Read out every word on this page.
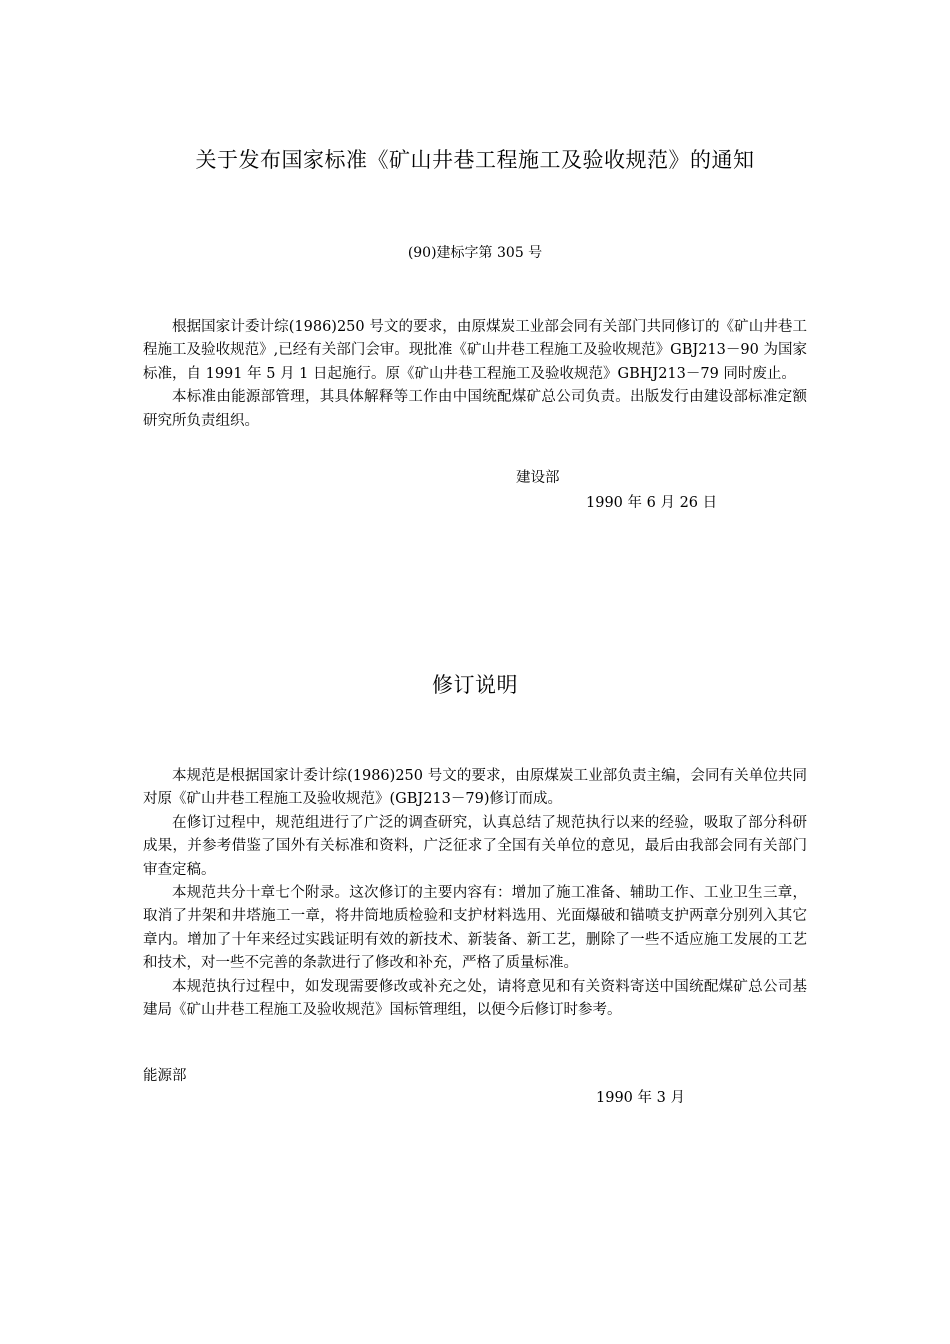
关于发布国家标准《矿山井巷工程施工及验收规范》的通知
(90)建标字第 305 号

根据国家计委计综(1986)250 号文的要求，由原煤炭工业部会同有关部门共同修订的《矿山井巷工程施工及验收规范》,已经有关部门会审。现批准《矿山井巷工程施工及验收规范》GBJ213－90 为国家标准，自 1991 年 5 月 1 日起施行。原《矿山井巷工程施工及验收规范》GBHJ213－79 同时废止。

本标准由能源部管理，其具体解释等工作由中国统配煤矿总公司负责。出版发行由建设部标准定额研究所负责组织。

建设部
1990 年 6 月 26 日
修订说明

本规范是根据国家计委计综(1986)250 号文的要求，由原煤炭工业部负责主编，会同有关单位共同对原《矿山井巷工程施工及验收规范》(GBJ213－79)修订而成。

在修订过程中，规范组进行了广泛的调查研究，认真总结了规范执行以来的经验，吸取了部分科研成果，并参考借鉴了国外有关标准和资料，广泛征求了全国有关单位的意见，最后由我部会同有关部门审查定稿。

本规范共分十章七个附录。这次修订的主要内容有：增加了施工准备、辅助工作、工业卫生三章，取消了井架和井塔施工一章，将井筒地质检验和支护材料选用、光面爆破和锚喷支护两章分别列入其它章内。增加了十年来经过实践证明有效的新技术、新装备、新工艺，删除了一些不适应施工发展的工艺和技术，对一些不完善的条款进行了修改和补充，严格了质量标准。

本规范执行过程中，如发现需要修改或补充之处，请将意见和有关资料寄送中国统配煤矿总公司基建局《矿山井巷工程施工及验收规范》国标管理组，以便今后修订时参考。

能源部
1990 年 3 月
